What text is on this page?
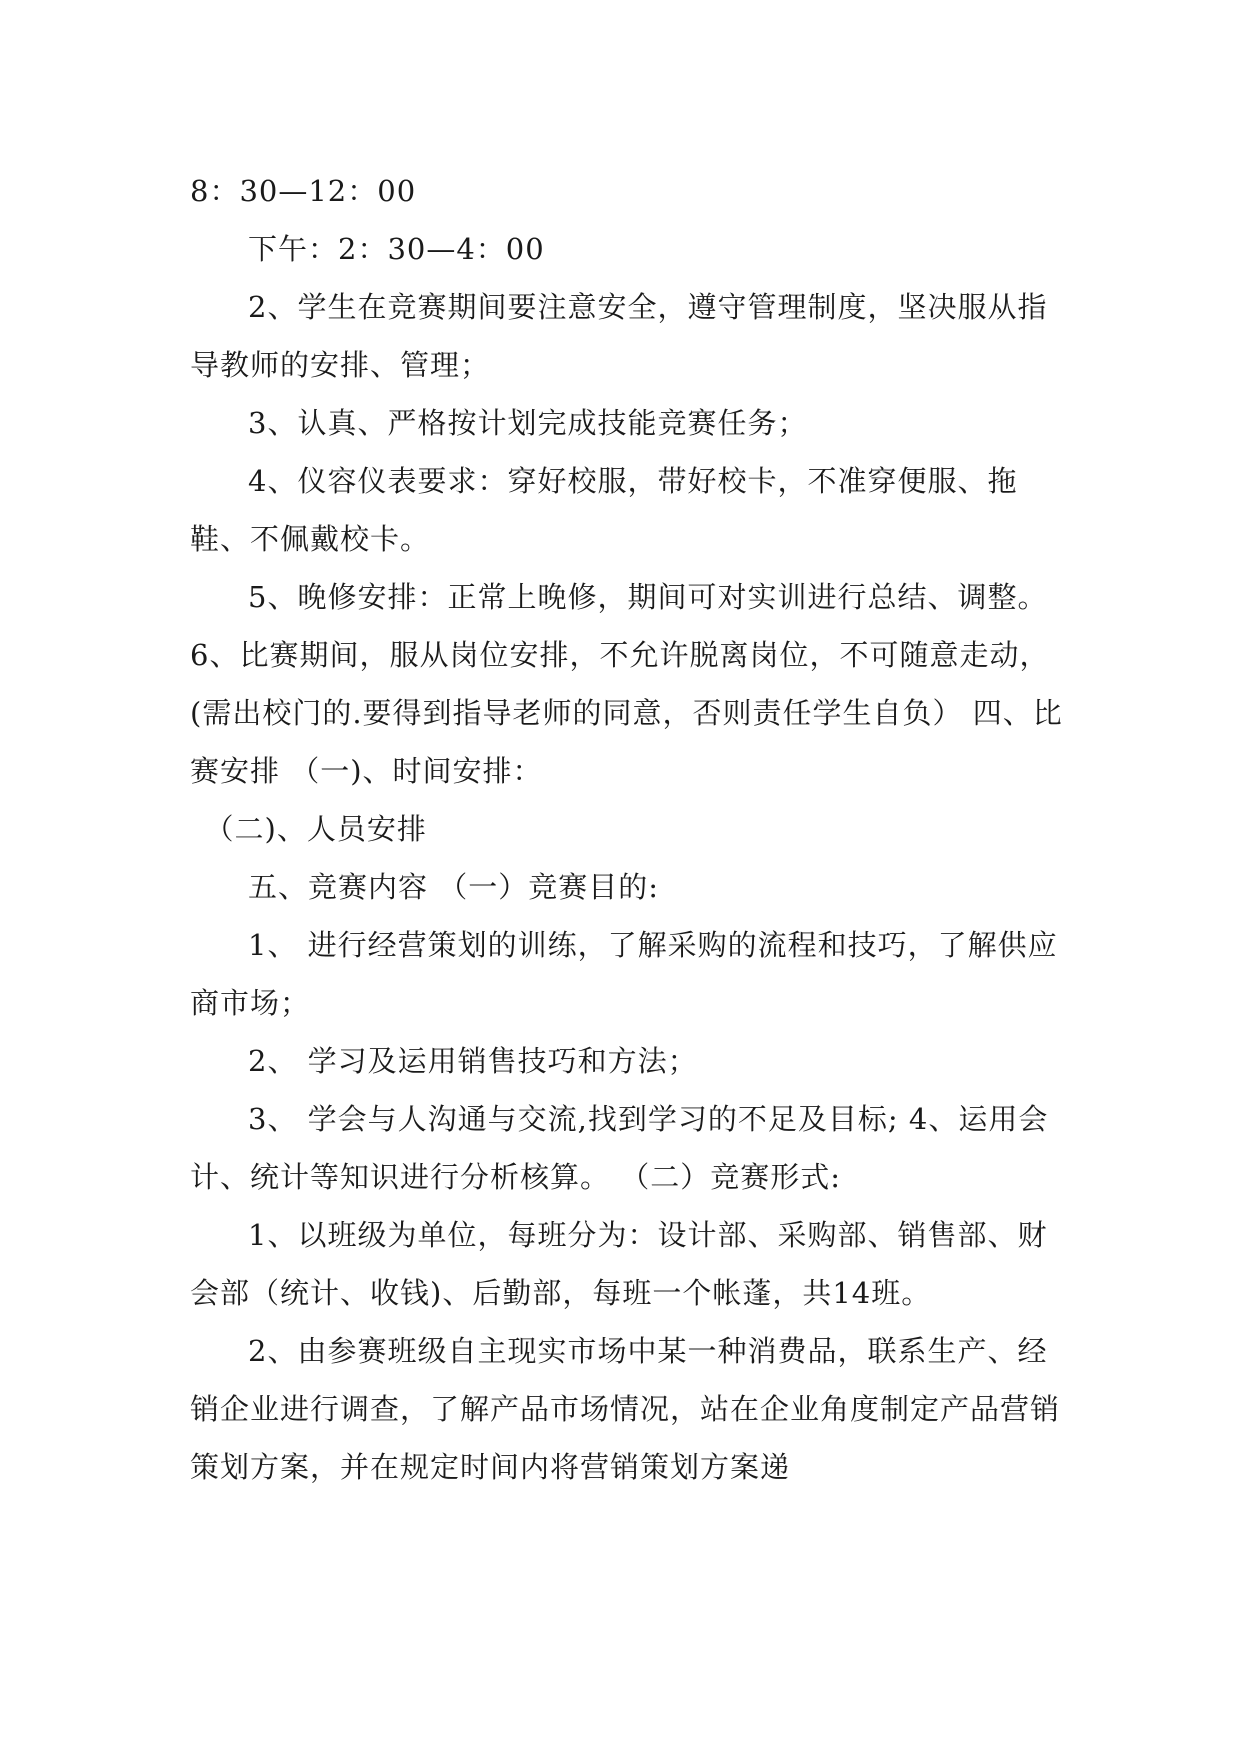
8：30—12：00

下午：2：30—4：00

2、学生在竞赛期间要注意安全，遵守管理制度，坚决服从指导教师的安排、管理；

3、认真、严格按计划完成技能竞赛任务；

4、仪容仪表要求：穿好校服，带好校卡，不准穿便服、拖鞋、不佩戴校卡。

5、晚修安排：正常上晚修，期间可对实训进行总结、调整。 6、比赛期间，服从岗位安排，不允许脱离岗位，不可随意走动，(需出校门的.要得到指导老师的同意，否则责任学生自负） 四、比赛安排 （一)、时间安排：

（二)、人员安排

五、竞赛内容 （一）竞赛目的:

1、 进行经营策划的训练，了解采购的流程和技巧，了解供应商市场；

2、 学习及运用销售技巧和方法；

3、 学会与人沟通与交流,找到学习的不足及目标; 4、运用会计、统计等知识进行分析核算。 （二）竞赛形式:

1、以班级为单位，每班分为：设计部、采购部、销售部、财会部（统计、收钱)、后勤部，每班一个帐蓬，共14班。

2、由参赛班级自主现实市场中某一种消费品，联系生产、经销企业进行调查，了解产品市场情况，站在企业角度制定产品营销策划方案，并在规定时间内将营销策划方案递
